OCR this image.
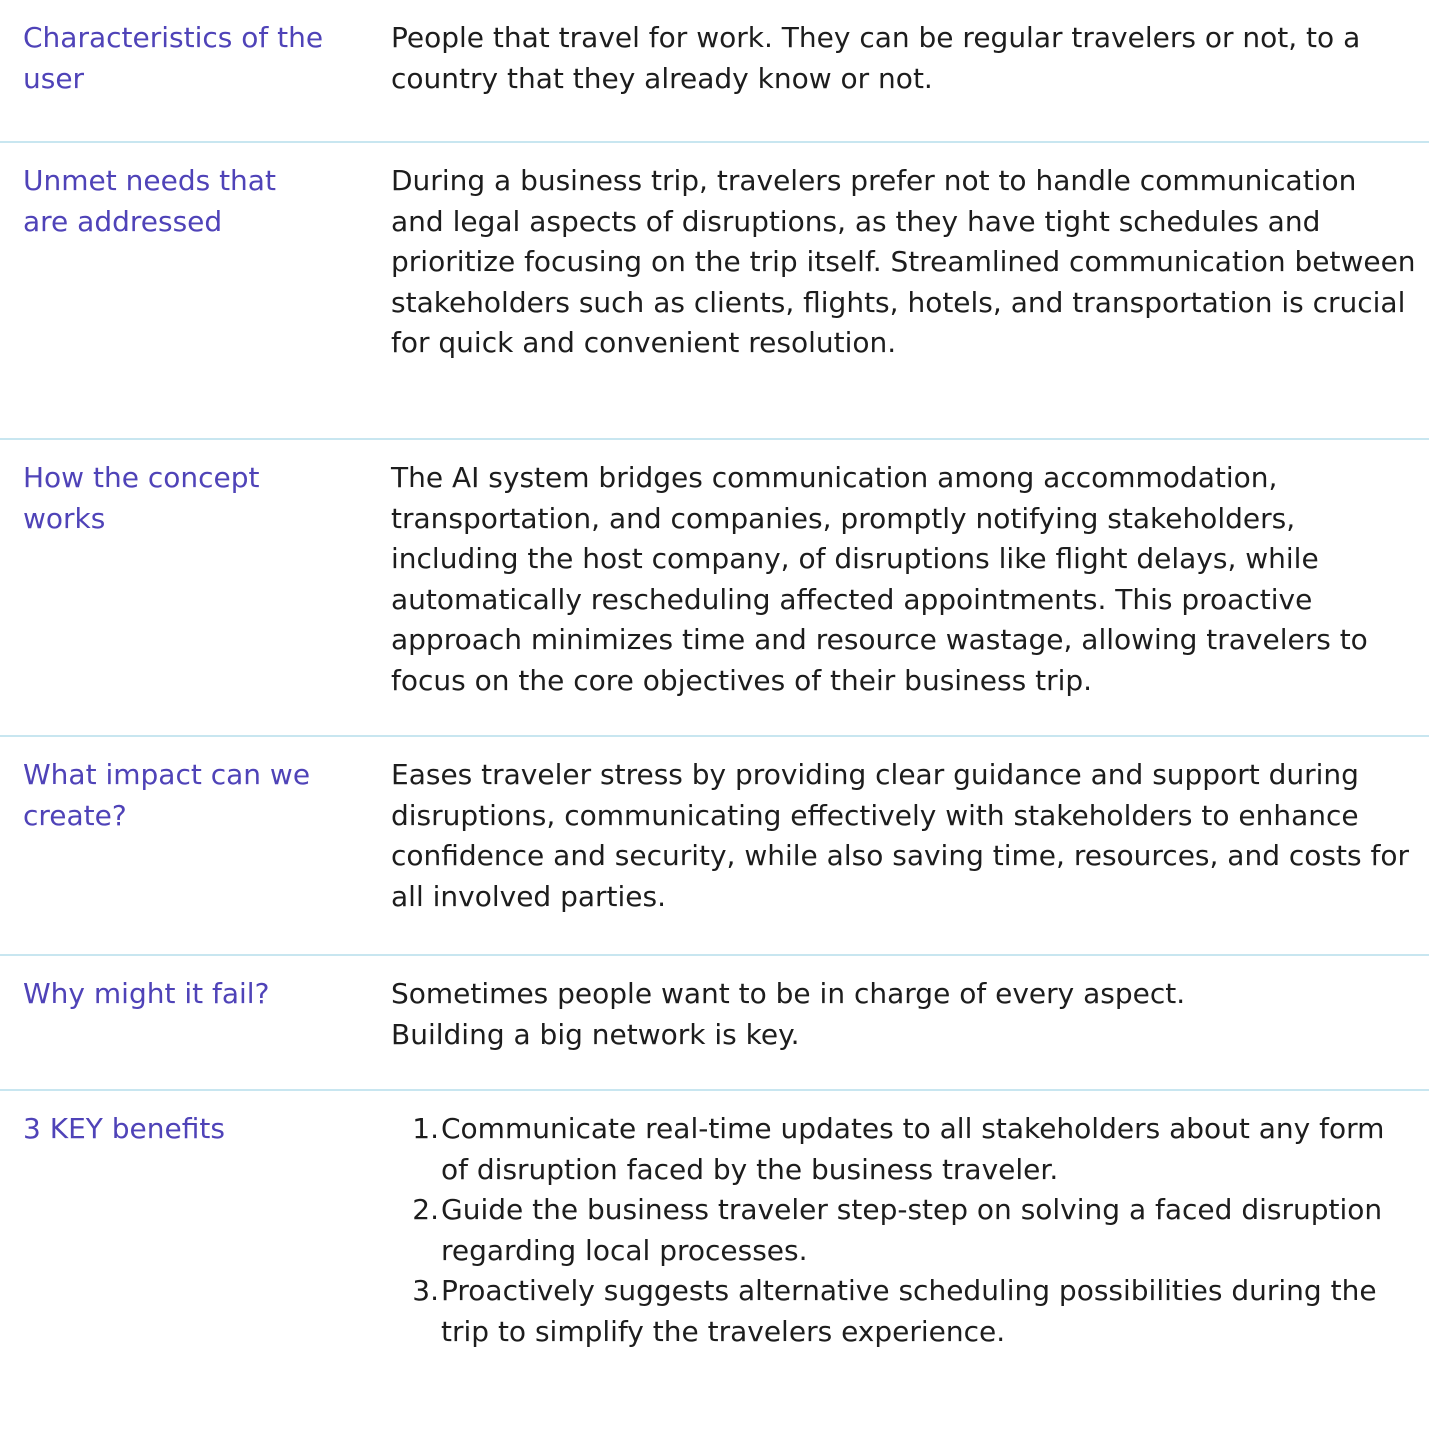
Characteristics of the user
People that travel for work. They can be regular travelers or not, to a country that they already know or not.
Unmet needs that are addressed
During a business trip, travelers prefer not to handle communication and legal aspects of disruptions, as they have tight schedules and prioritize focusing on the trip itself. Streamlined communication between stakeholders such as clients, flights, hotels, and transportation is crucial for quick and convenient resolution.
How the concept works
The AI system bridges communication among accommodation, transportation, and companies, promptly notifying stakeholders, including the host company, of disruptions like flight delays, while automatically rescheduling affected appointments. This proactive approach minimizes time and resource wastage, allowing travelers to focus on the core objectives of their business trip.
What impact can we create?
Eases traveler stress by providing clear guidance and support during disruptions, communicating effectively with stakeholders to enhance confidence and security, while also saving time, resources, and costs for all involved parties.
Why might it fail?	Sometimes people want to be in charge of every aspect.

Building a big network is key.

3 KEY benefits	1. Communicate real-time updates to all stakeholders about any form of disruption faced by the business traveler.
2. Guide the business traveler step-step on solving a faced disruption regarding local processes.
3. Proactively suggests alternative scheduling possibilities during the trip to simplify the travelers experience.
